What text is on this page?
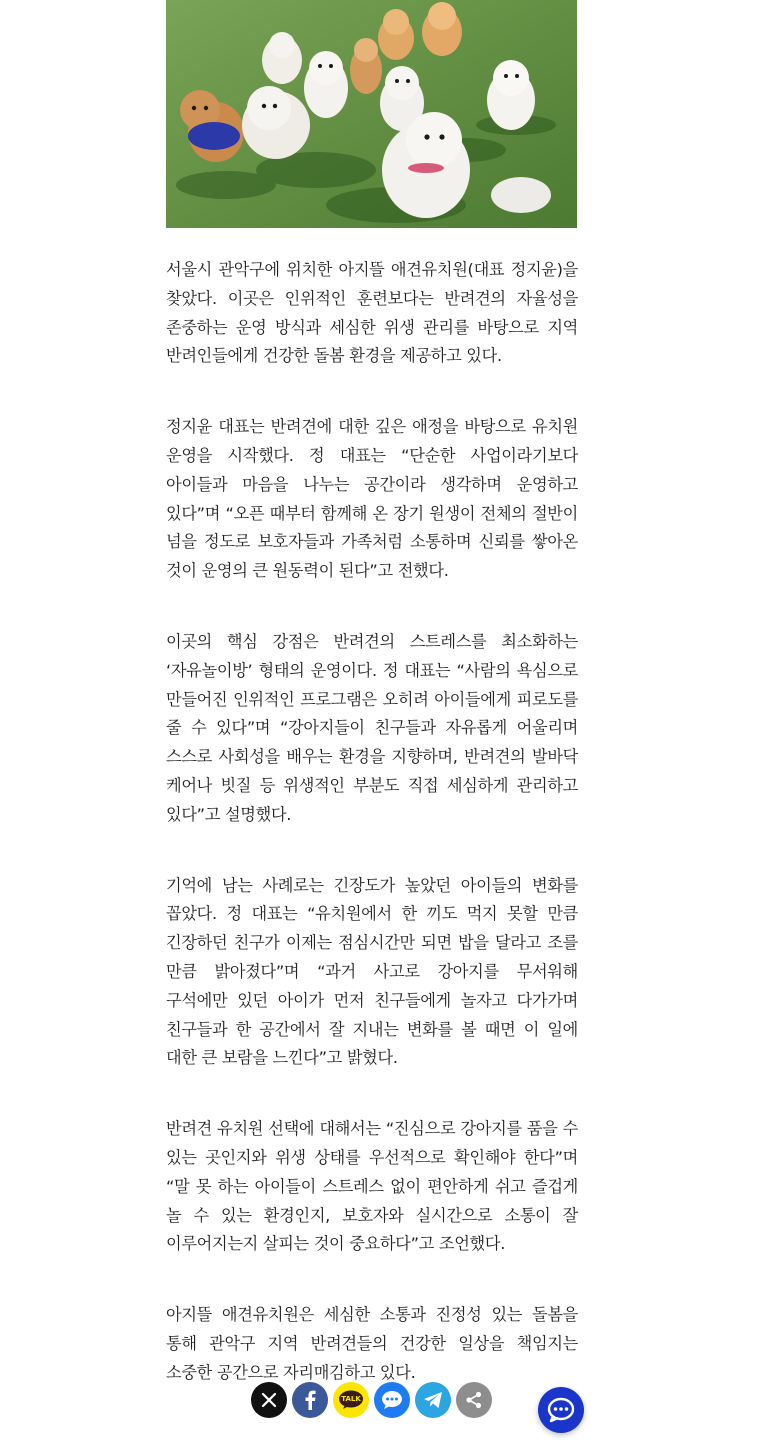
서울시 관악구에 위치한 아지뜰 애견유치원(대표 정지윤)을 찾았다. 이곳은 인위적인 훈련보다는 반려견의 자율성을 존중하는 운영 방식과 세심한 위생 관리를 바탕으로 지역 반려인들에게 건강한 돌봄 환경을 제공하고 있다.

정지윤 대표는 반려견에 대한 깊은 애정을 바탕으로 유치원 운영을 시작했다. 정 대표는 “단순한 사업이라기보다 아이들과 마음을 나누는 공간이라 생각하며 운영하고 있다”며 “오픈 때부터 함께해 온 장기 원생이 전체의 절반이 넘을 정도로 보호자들과 가족처럼 소통하며 신뢰를 쌓아온 것이 운영의 큰 원동력이 된다”고 전했다.

이곳의 핵심 강점은 반려견의 스트레스를 최소화하는 ‘자유놀이방’ 형태의 운영이다. 정 대표는 “사람의 욕심으로 만들어진 인위적인 프로그램은 오히려 아이들에게 피로도를 줄 수 있다”며 “강아지들이 친구들과 자유롭게 어울리며 스스로 사회성을 배우는 환경을 지향하며, 반려견의 발바닥 케어나 빗질 등 위생적인 부분도 직접 세심하게 관리하고 있다”고 설명했다.

기억에 남는 사례로는 긴장도가 높았던 아이들의 변화를 꼽았다. 정 대표는 “유치원에서 한 끼도 먹지 못할 만큼 긴장하던 친구가 이제는 점심시간만 되면 밥을 달라고 조를 만큼 밝아졌다”며 “과거 사고로 강아지를 무서워해 구석에만 있던 아이가 먼저 친구들에게 놀자고 다가가며 친구들과 한 공간에서 잘 지내는 변화를 볼 때면 이 일에 대한 큰 보람을 느낀다”고 밝혔다.

반려견 유치원 선택에 대해서는 “진심으로 강아지를 품을 수 있는 곳인지와 위생 상태를 우선적으로 확인해야 한다”며 “말 못 하는 아이들이 스트레스 없이 편안하게 쉬고 즐겁게 놀 수 있는 환경인지, 보호자와 실시간으로 소통이 잘 이루어지는지 살피는 것이 중요하다”고 조언했다.

아지뜰 애견유치원은 세심한 소통과 진정성 있는 돌봄을 통해 관악구 지역 반려견들의 건강한 일상을 책임지는 소중한 공간으로 자리매김하고 있다.

TALK
